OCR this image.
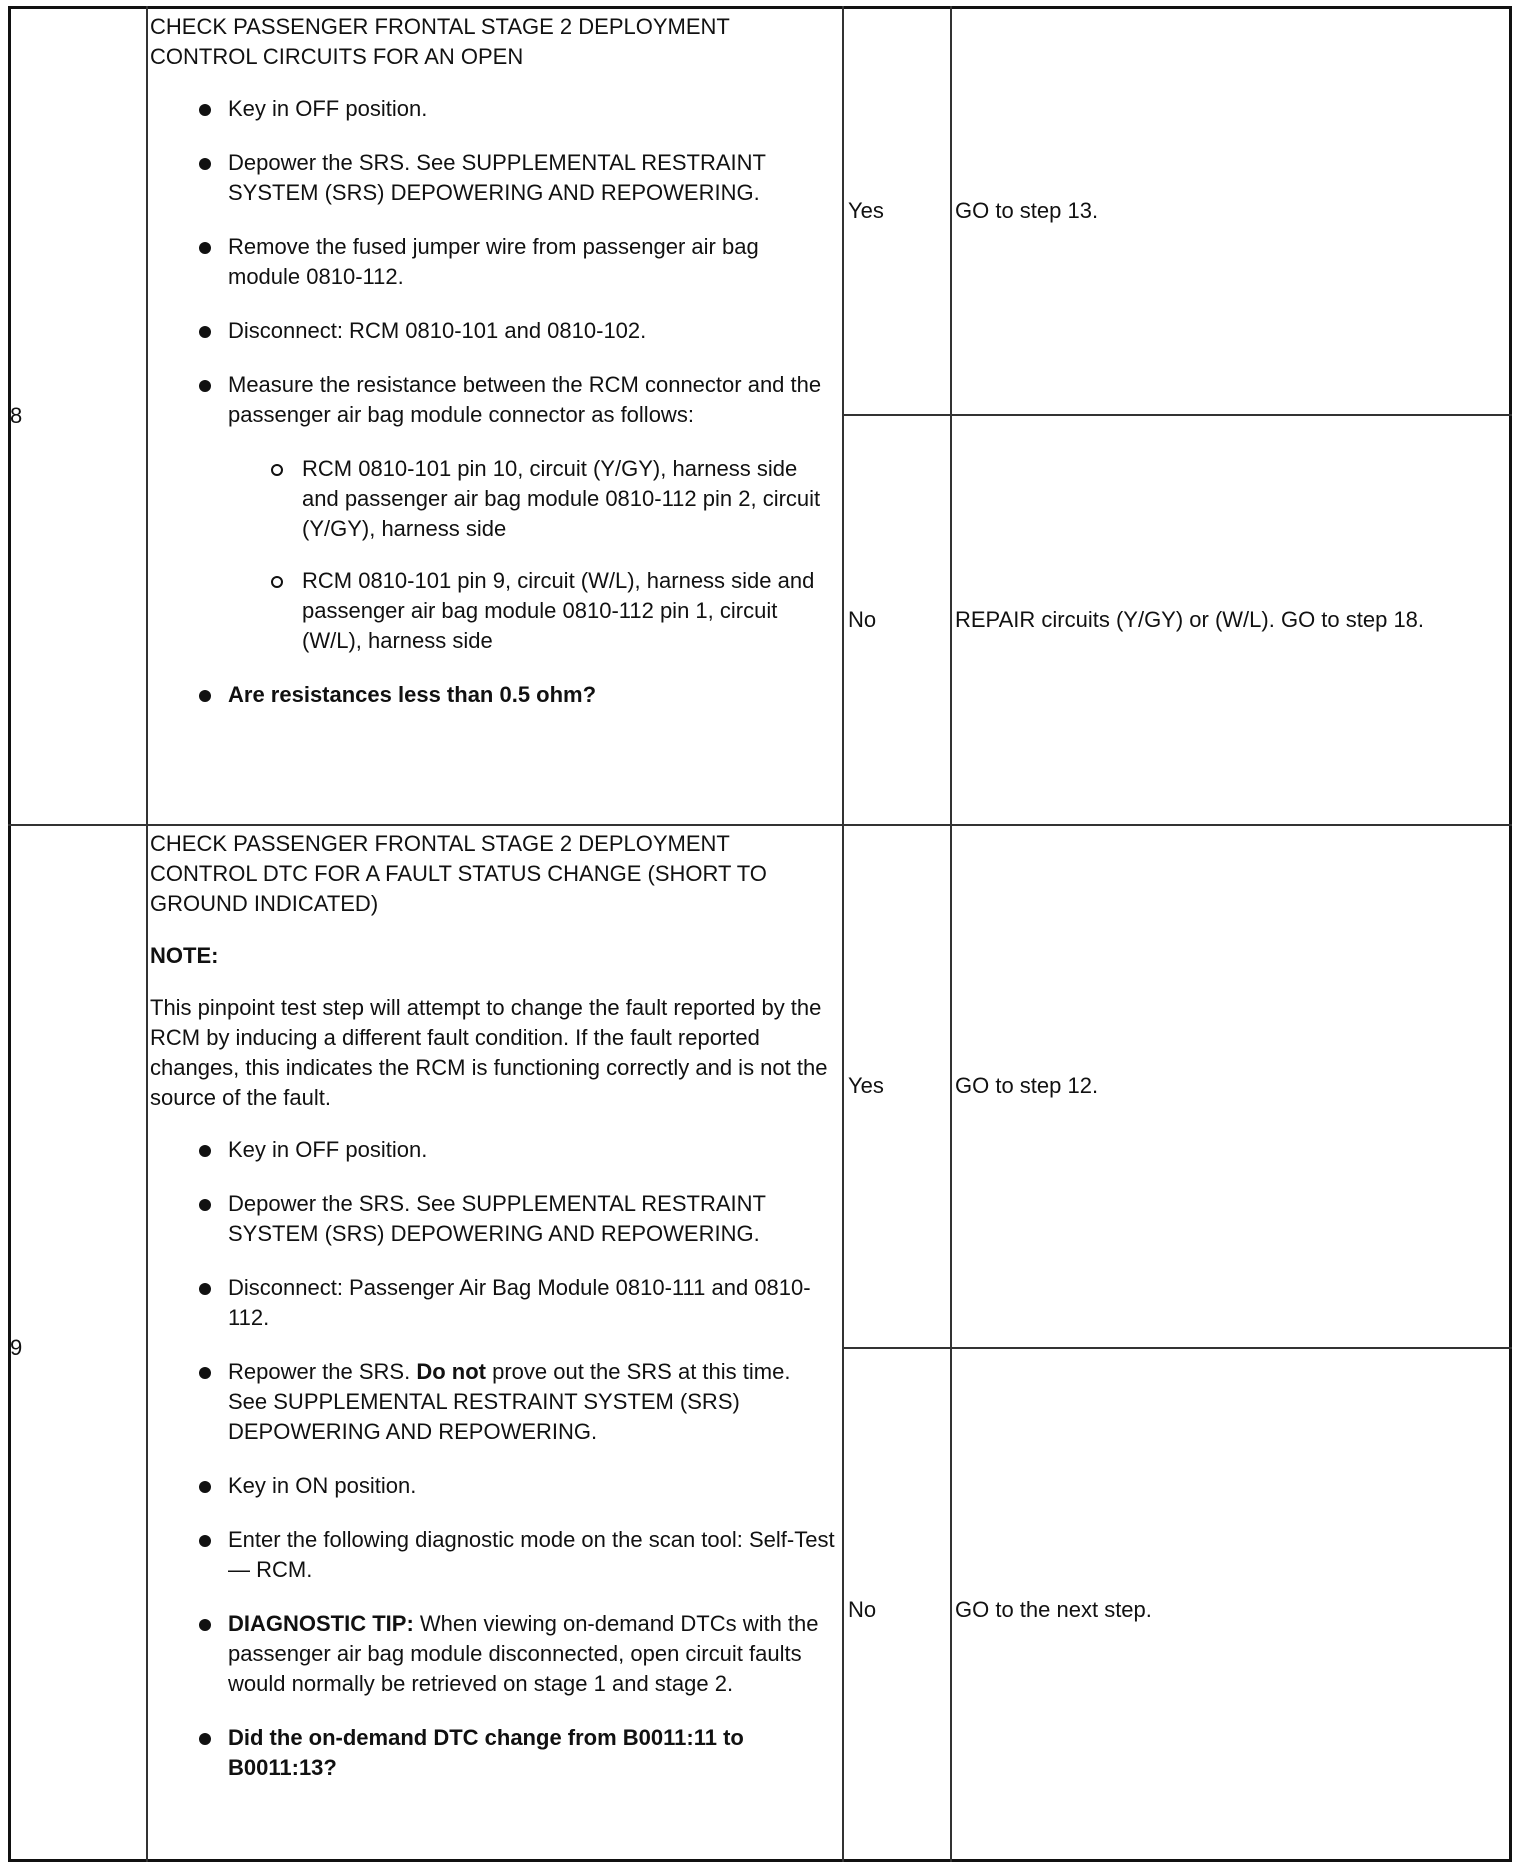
8

CHECK PASSENGER FRONTAL STAGE 2 DEPLOYMENT CONTROL CIRCUITS FOR AN OPEN

Key in OFF position.
Depower the SRS. See SUPPLEMENTAL RESTRAINT SYSTEM (SRS) DEPOWERING AND REPOWERING.
Remove the fused jumper wire from passenger air bag module 0810-112.
Disconnect: RCM 0810-101 and 0810-102.
Measure the resistance between the RCM connector and the passenger air bag module connector as follows:
RCM 0810-101 pin 10, circuit (Y/GY), harness side and passenger air bag module 0810-112 pin 2, circuit (Y/GY), harness side
RCM 0810-101 pin 9, circuit (W/L), harness side and passenger air bag module 0810-112 pin 1, circuit (W/L), harness side
Are resistances less than 0.5 ohm?
Yes	GO to step 13.
No	REPAIR circuits (Y/GY) or (W/L). GO to step 18.
9

CHECK PASSENGER FRONTAL STAGE 2 DEPLOYMENT CONTROL DTC FOR A FAULT STATUS CHANGE (SHORT TO GROUND INDICATED)

NOTE:

This pinpoint test step will attempt to change the fault reported by the RCM by inducing a different fault condition. If the fault reported changes, this indicates the RCM is functioning correctly and is not the source of the fault.

Key in OFF position.
Depower the SRS. See SUPPLEMENTAL RESTRAINT SYSTEM (SRS) DEPOWERING AND REPOWERING.
Disconnect: Passenger Air Bag Module 0810-111 and 0810-112.
Repower the SRS. Do not prove out the SRS at this time. See SUPPLEMENTAL RESTRAINT SYSTEM (SRS) DEPOWERING AND REPOWERING.
Key in ON position.
Enter the following diagnostic mode on the scan tool: Self-Test — RCM.
DIAGNOSTIC TIP: When viewing on-demand DTCs with the passenger air bag module disconnected, open circuit faults would normally be retrieved on stage 1 and stage 2.
Did the on-demand DTC change from B0011:11 to B0011:13?
Yes	GO to step 12.
No	GO to the next step.
